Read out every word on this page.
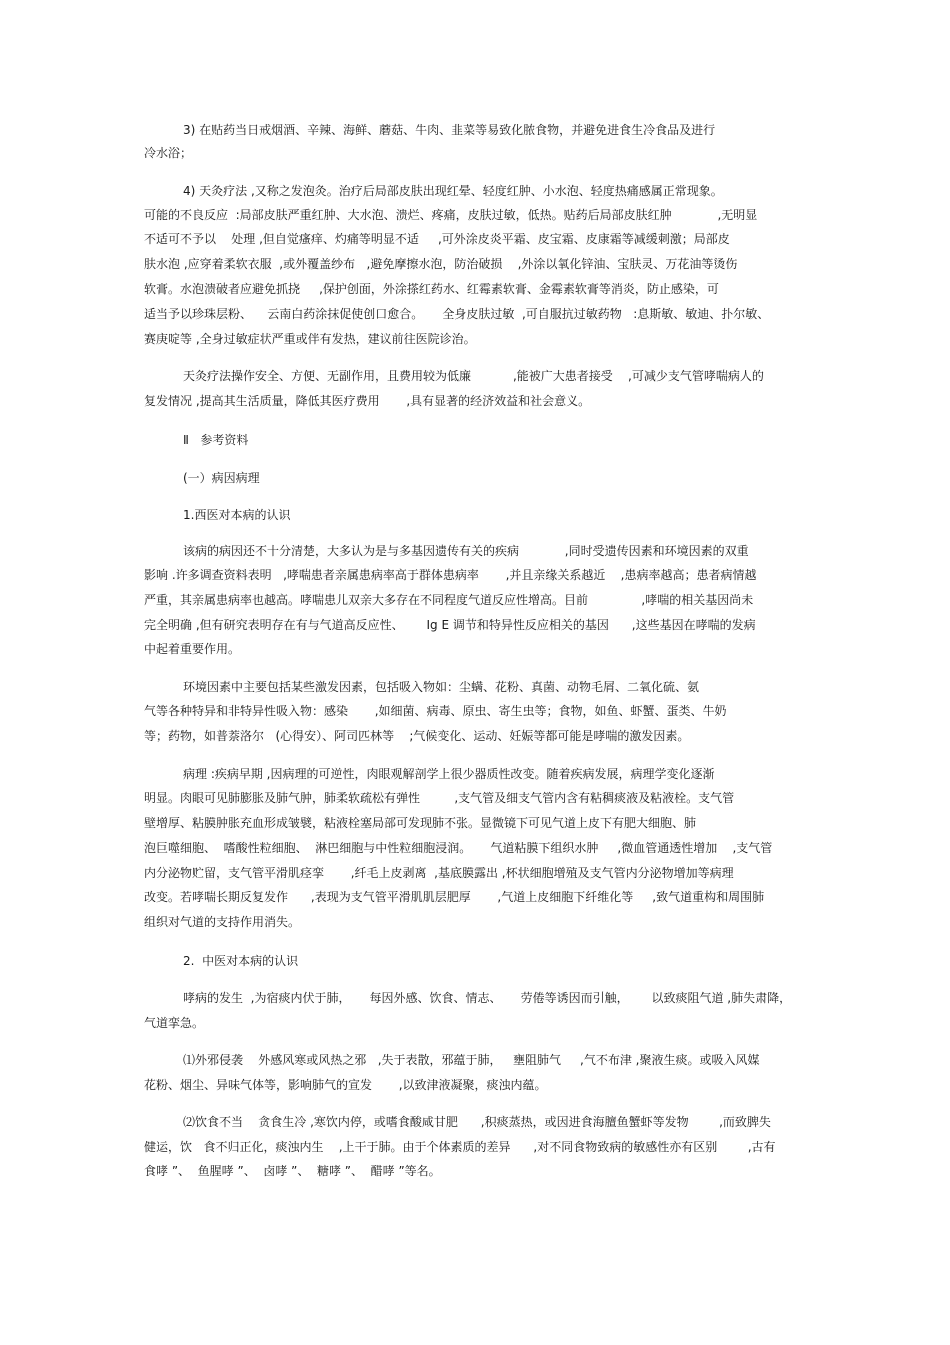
3) 在贴药当日戒烟酒、辛辣、海鲜、蘑菇、牛肉、韭菜等易致化脓食物，并避免进食生冷食品及进行
冷水浴；
4) 天灸疗法 ,又称之发泡灸。治疗后局部皮肤出现红晕、轻度红肿、小水泡、轻度热痛感属正常现象。
可能的不良反应  :局部皮肤严重红肿、大水泡、溃烂、疼痛，皮肤过敏，低热。贴药后局部皮肤红肿            ,无明显
不适可不予以    处理 ,但自觉瘙痒、灼痛等明显不适     ,可外涂皮炎平霜、皮宝霜、皮康霜等减缓刺激；局部皮
肤水泡 ,应穿着柔软衣服  ,或外覆盖纱布   ,避免摩擦水泡，防治破损    ,外涂以氧化锌油、宝肤灵、万花油等烫伤
软膏。水泡溃破者应避免抓挠     ,保护创面，外涂搽红药水、红霉素软膏、金霉素软膏等消炎，防止感染，可
适当予以珍珠层粉、    云南白药涂抹促使创口愈合。     全身皮肤过敏  ,可自服抗过敏药物   :息斯敏、敏迪、扑尔敏、
赛庚啶等 ,全身过敏症状严重或伴有发热，建议前往医院诊治。
天灸疗法操作安全、方便、无副作用，且费用较为低廉           ,能被广大患者接受    ,可减少支气管哮喘病人的
复发情况 ,提高其生活质量，降低其医疗费用       ,具有显著的经济效益和社会意义。
Ⅱ   参考资料
(一）病因病理
1.西医对本病的认识
该病的病因还不十分清楚，大多认为是与多基因遗传有关的疾病            ,同时受遗传因素和环境因素的双重
影响 .许多调查资料表明   ,哮喘患者亲属患病率高于群体患病率       ,并且亲缘关系越近    ,患病率越高；患者病情越
严重，其亲属患病率也越高。哮喘患儿双亲大多存在不同程度气道反应性增高。目前              ,哮喘的相关基因尚未
完全明确 ,但有研究表明存在有与气道高反应性、      Ig E 调节和特异性反应相关的基因      ,这些基因在哮喘的发病
中起着重要作用。
环境因素中主要包括某些激发因素，包括吸入物如：尘螨、花粉、真菌、动物毛屑、二氧化硫、氨
气等各种特异和非特异性吸入物：感染       ,如细菌、病毒、原虫、寄生虫等；食物，如鱼、虾蟹、蛋类、牛奶
等；药物，如普萘洛尔   (心得安）、阿司匹林等    ;气候变化、运动、妊娠等都可能是哮喘的激发因素。
病理 :疾病早期 ,因病理的可逆性，肉眼观解剖学上很少器质性改变。随着疾病发展，病理学变化逐渐
明显。肉眼可见肺膨胀及肺气肿，肺柔软疏松有弹性         ,支气管及细支气管内含有粘稠痰液及粘液栓。支气管
壁增厚、粘膜肿胀充血形成皱襞，粘液栓塞局部可发现肺不张。显微镜下可见气道上皮下有肥大细胞、肺
泡巨噬细胞、  嗜酸性粒细胞、  淋巴细胞与中性粒细胞浸润。     气道粘膜下组织水肿     ,微血管通透性增加    ,支气管
内分泌物贮留，支气管平滑肌痉挛       ,纤毛上皮剥离  ,基底膜露出 ,杯状细胞增殖及支气管内分泌物增加等病理
改变。若哮喘长期反复发作      ,表现为支气管平滑肌肌层肥厚       ,气道上皮细胞下纤维化等     ,致气道重构和周围肺
组织对气道的支持作用消失。
2.  中医对本病的认识
哮病的发生  ,为宿痰内伏于肺，     每因外感、饮食、情志、     劳倦等诱因而引触，      以致痰阻气道 ,肺失肃降，
气道挛急。
⑴外邪侵袭    外感风寒或风热之邪   ,失于表散，邪蕴于肺，   壅阻肺气     ,气不布津 ,聚液生痰。或吸入风媒
花粉、烟尘、异味气体等，影响肺气的宣发       ,以致津液凝聚，痰浊内蕴。
⑵饮食不当    贪食生冷 ,寒饮内停，或嗜食酸咸甘肥      ,积痰蒸热，或因进食海膻鱼蟹虾等发物        ,而致脾失
健运，饮   食不归正化，痰浊内生    ,上干于肺。由于个体素质的差异      ,对不同食物致病的敏感性亦有区别        ,古有
食哮 ”、  鱼腥哮 ”、  卤哮 ”、  糖哮 ”、  醋哮 ”等名。
